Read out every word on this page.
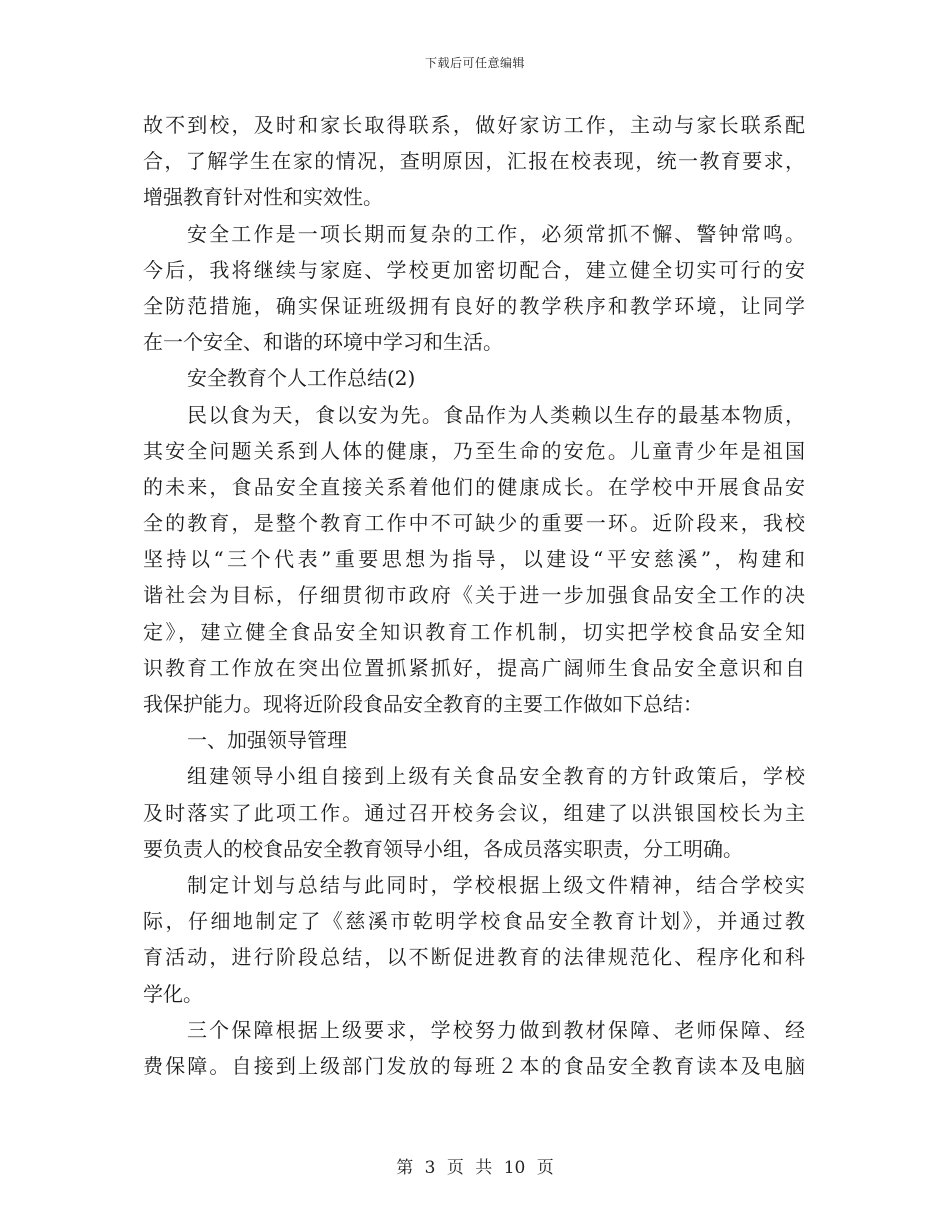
下载后可任意编辑
故不到校，及时和家长取得联系，做好家访工作，主动与家长联系配
合，了解学生在家的情况，查明原因，汇报在校表现，统一教育要求，
增强教育针对性和实效性。
安全工作是一项长期而复杂的工作，必须常抓不懈、警钟常鸣。
今后，我将继续与家庭、学校更加密切配合，建立健全切实可行的安
全防范措施，确实保证班级拥有良好的教学秩序和教学环境，让同学
在一个安全、和谐的环境中学习和生活。
安全教育个人工作总结(2)
民以食为天，食以安为先。食品作为人类赖以生存的最基本物质，
其安全问题关系到人体的健康，乃至生命的安危。儿童青少年是祖国
的未来，食品安全直接关系着他们的健康成长。在学校中开展食品安
全的教育，是整个教育工作中不可缺少的重要一环。近阶段来，我校
坚持以“三个代表”重要思想为指导，以建设“平安慈溪”，构建和
谐社会为目标，仔细贯彻市政府《关于进一步加强食品安全工作的决
定》，建立健全食品安全知识教育工作机制，切实把学校食品安全知
识教育工作放在突出位置抓紧抓好，提高广阔师生食品安全意识和自
我保护能力。现将近阶段食品安全教育的主要工作做如下总结：
一、加强领导管理
组建领导小组自接到上级有关食品安全教育的方针政策后，学校
及时落实了此项工作。通过召开校务会议，组建了以洪银国校长为主
要负责人的校食品安全教育领导小组，各成员落实职责，分工明确。
制定计划与总结与此同时，学校根据上级文件精神，结合学校实
际，仔细地制定了《慈溪市乾明学校食品安全教育计划》，并通过教
育活动，进行阶段总结，以不断促进教育的法律规范化、程序化和科
学化。
三个保障根据上级要求，学校努力做到教材保障、老师保障、经
费保障。自接到上级部门发放的每班２本的食品安全教育读本及电脑
第 3 页 共 10 页
